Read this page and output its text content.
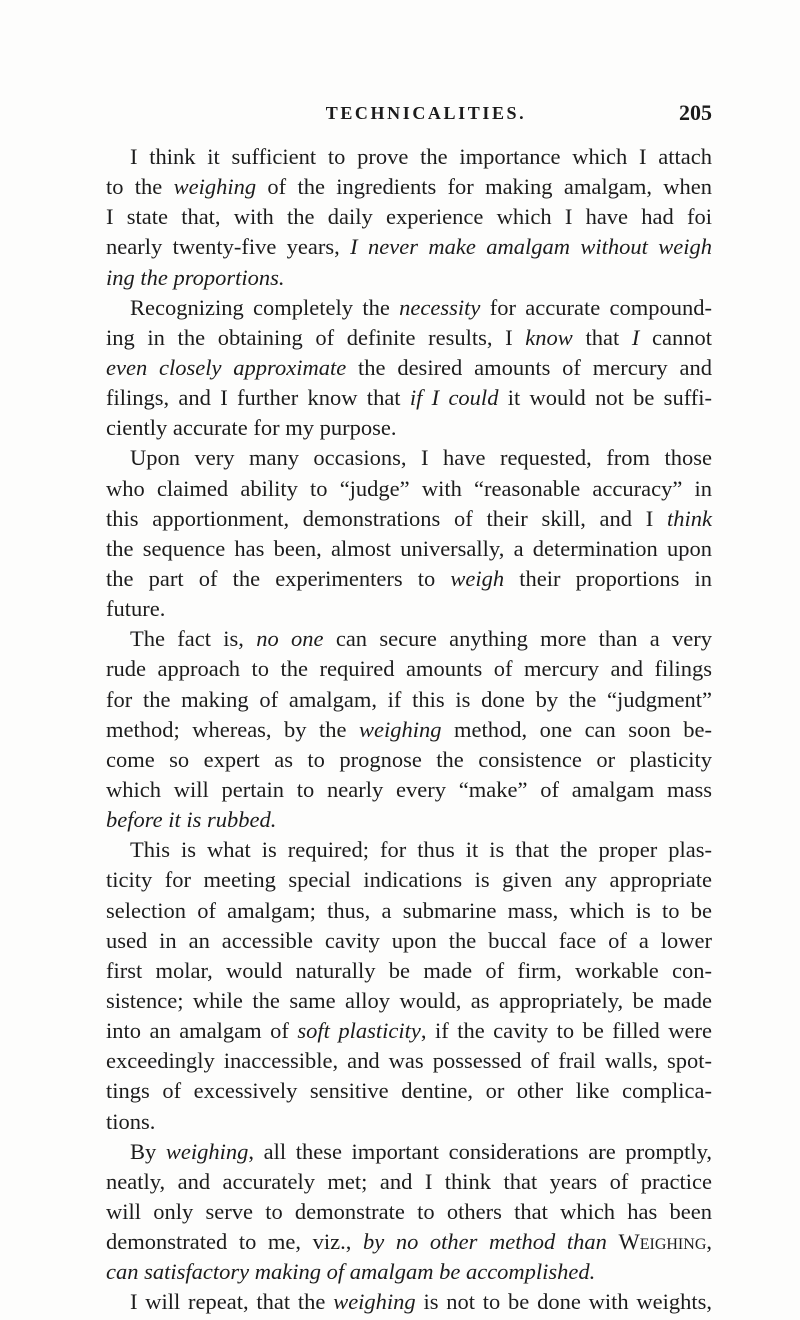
TECHNICALITIES.	205
I think it sufficient to prove the importance which I attach
to the weighing of the ingredients for making amalgam, when
I state that, with the daily experience which I have had foi
nearly twenty-five years, I never make amalgam without weigh
ing the proportions.
Recognizing completely the necessity for accurate compound-
ing in the obtaining of definite results, I know that I cannot
even closely approximate the desired amounts of mercury and
filings, and I further know that if I could it would not be suffi-
ciently accurate for my purpose.
Upon very many occasions, I have requested, from those
who claimed ability to “judge” with “reasonable accuracy” in
this apportionment, demonstrations of their skill, and I think
the sequence has been, almost universally, a determination upon
the part of the experimenters to weigh their proportions in
future.
The fact is, no one can secure anything more than a very
rude approach to the required amounts of mercury and filings
for the making of amalgam, if this is done by the “judgment”
method; whereas, by the weighing method, one can soon be-
come so expert as to prognose the consistence or plasticity
which will pertain to nearly every “make” of amalgam mass
before it is rubbed.
This is what is required; for thus it is that the proper plas-
ticity for meeting special indications is given any appropriate
selection of amalgam; thus, a submarine mass, which is to be
used in an accessible cavity upon the buccal face of a lower
first molar, would naturally be made of firm, workable con-
sistence; while the same alloy would, as appropriately, be made
into an amalgam of soft plasticity, if the cavity to be filled were
exceedingly inaccessible, and was possessed of frail walls, spot-
tings of excessively sensitive dentine, or other like complica-
tions.
By weighing, all these important considerations are promptly,
neatly, and accurately met; and I think that years of practice
will only serve to demonstrate to others that which has been
demonstrated to me, viz., by no other method than Weighing,
can satisfactory making of amalgam be accomplished.
I will repeat, that the weighing is not to be done with weights,
